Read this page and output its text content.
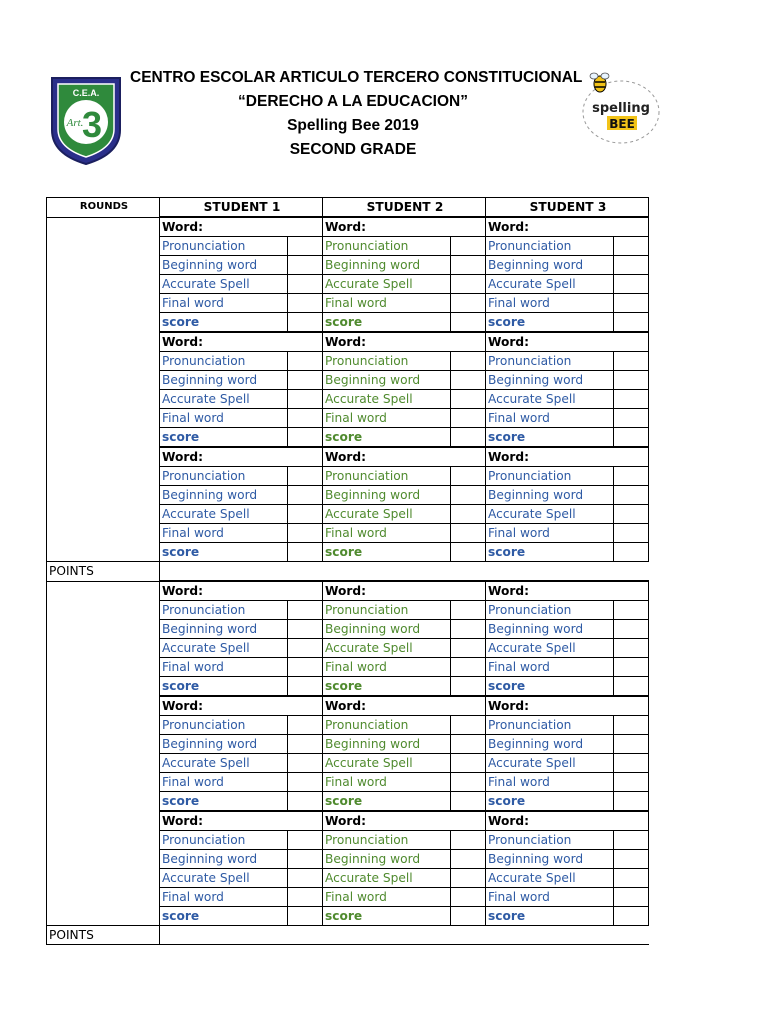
C.E.A.
3
Art.
CENTRO ESCOLAR ARTICULO TERCERO CONSTITUCIONAL
“DERECHO A LA EDUCACION”
Spelling Bee 2019
SECOND GRADE
spelling
BEE
ROUNDS	STUDENT 1		STUDENT 2		STUDENT 3	
	Word:		Word:		Word:	
	Pronunciation		Pronunciation		Pronunciation	
	Beginning word		Beginning word		Beginning word	
	Accurate Spell		Accurate Spell		Accurate Spell	
	Final word		Final word		Final word	
	score		score		score	
	Word:		Word:		Word:	
	Pronunciation		Pronunciation		Pronunciation	
	Beginning word		Beginning word		Beginning word	
	Accurate Spell		Accurate Spell		Accurate Spell	
	Final word		Final word		Final word	
	score		score		score	
	Word:		Word:		Word:	
	Pronunciation		Pronunciation		Pronunciation	
	Beginning word		Beginning word		Beginning word	
	Accurate Spell		Accurate Spell		Accurate Spell	
	Final word		Final word		Final word	
	score		score		score	
POINTS						
	Word:		Word:		Word:	
	Pronunciation		Pronunciation		Pronunciation	
	Beginning word		Beginning word		Beginning word	
	Accurate Spell		Accurate Spell		Accurate Spell	
	Final word		Final word		Final word	
	score		score		score	
	Word:		Word:		Word:	
	Pronunciation		Pronunciation		Pronunciation	
	Beginning word		Beginning word		Beginning word	
	Accurate Spell		Accurate Spell		Accurate Spell	
	Final word		Final word		Final word	
	score		score		score	
	Word:		Word:		Word:	
	Pronunciation		Pronunciation		Pronunciation	
	Beginning word		Beginning word		Beginning word	
	Accurate Spell		Accurate Spell		Accurate Spell	
	Final word		Final word		Final word	
	score		score		score	
POINTS						
